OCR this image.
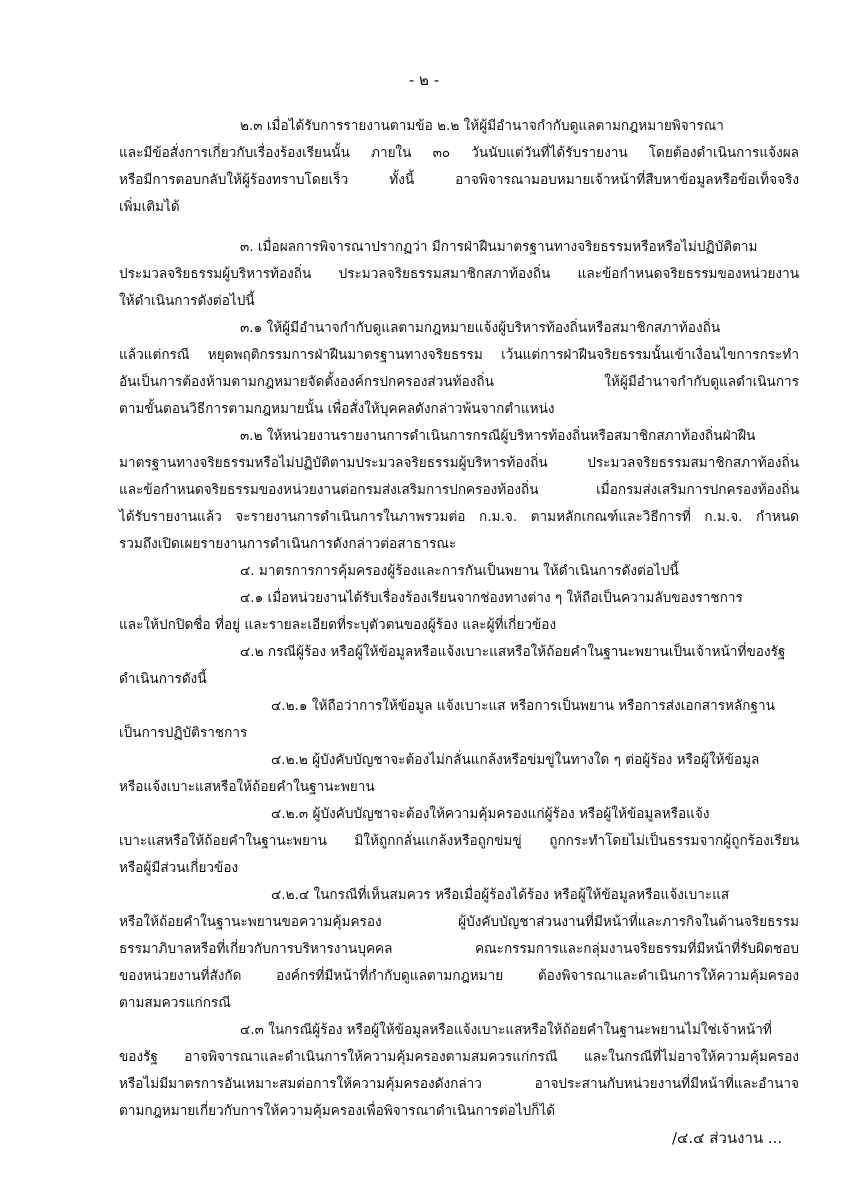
- ๒ -
๒.๓ เมื่อได้รับการรายงานตามข้อ ๒.๒ ให้ผู้มีอำนาจกำกับดูแลตามกฎหมายพิจารณา
และมีข้อสั่งการเกี่ยวกับเรื่องร้องเรียนนั้น ภายใน ๓๐ วันนับแต่วันที่ได้รับรายงาน โดยต้องดำเนินการแจ้งผล
หรือมีการตอบกลับให้ผู้ร้องทราบโดยเร็ว ทั้งนี้ อาจพิจารณามอบหมายเจ้าหน้าที่สืบหาข้อมูลหรือข้อเท็จจริง
เพิ่มเติมได้
๓. เมื่อผลการพิจารณาปรากฏว่า มีการฝ่าฝืนมาตรฐานทางจริยธรรมหรือหรือไม่ปฏิบัติตาม
ประมวลจริยธรรมผู้บริหารท้องถิ่น ประมวลจริยธรรมสมาชิกสภาท้องถิ่น และข้อกำหนดจริยธรรมของหน่วยงาน
ให้ดำเนินการดังต่อไปนี้
๓.๑ ให้ผู้มีอำนาจกำกับดูแลตามกฎหมายแจ้งผู้บริหารท้องถิ่นหรือสมาชิกสภาท้องถิ่น
แล้วแต่กรณี หยุดพฤติกรรมการฝ่าฝืนมาตรฐานทางจริยธรรม เว้นแต่การฝ่าฝืนจริยธรรมนั้นเข้าเงื่อนไขการกระทำ
อันเป็นการต้องห้ามตามกฎหมายจัดตั้งองค์กรปกครองส่วนท้องถิ่น ให้ผู้มีอำนาจกำกับดูแลดำเนินการ
ตามขั้นตอนวิธีการตามกฎหมายนั้น เพื่อสั่งให้บุคคลดังกล่าวพ้นจากตำแหน่ง
๓.๒ ให้หน่วยงานรายงานการดำเนินการกรณีผู้บริหารท้องถิ่นหรือสมาชิกสภาท้องถิ่นฝ่าฝืน
มาตรฐานทางจริยธรรมหรือไม่ปฏิบัติตามประมวลจริยธรรมผู้บริหารท้องถิ่น ประมวลจริยธรรมสมาชิกสภาท้องถิ่น
และข้อกำหนดจริยธรรมของหน่วยงานต่อกรมส่งเสริมการปกครองท้องถิ่น เมื่อกรมส่งเสริมการปกครองท้องถิ่น
ได้รับรายงานแล้ว จะรายงานการดำเนินการในภาพรวมต่อ ก.ม.จ. ตามหลักเกณฑ์และวิธีการที่ ก.ม.จ. กำหนด
รวมถึงเปิดเผยรายงานการดำเนินการดังกล่าวต่อสาธารณะ
๔. มาตรการการคุ้มครองผู้ร้องและการกันเป็นพยาน ให้ดำเนินการดังต่อไปนี้
๔.๑ เมื่อหน่วยงานได้รับเรื่องร้องเรียนจากช่องทางต่าง ๆ ให้ถือเป็นความลับของราชการ
และให้ปกปิดชื่อ ที่อยู่ และรายละเอียดที่ระบุตัวตนของผู้ร้อง และผู้ที่เกี่ยวข้อง
๔.๒ กรณีผู้ร้อง หรือผู้ให้ข้อมูลหรือแจ้งเบาะแสหรือให้ถ้อยคำในฐานะพยานเป็นเจ้าหน้าที่ของรัฐ
ดำเนินการดังนี้
๔.๒.๑ ให้ถือว่าการให้ข้อมูล แจ้งเบาะแส หรือการเป็นพยาน หรือการส่งเอกสารหลักฐาน
เป็นการปฏิบัติราชการ
๔.๒.๒ ผู้บังคับบัญชาจะต้องไม่กลั่นแกล้งหรือข่มขู่ในทางใด ๆ ต่อผู้ร้อง หรือผู้ให้ข้อมูล
หรือแจ้งเบาะแสหรือให้ถ้อยคำในฐานะพยาน
๔.๒.๓ ผู้บังคับบัญชาจะต้องให้ความคุ้มครองแก่ผู้ร้อง หรือผู้ให้ข้อมูลหรือแจ้ง
เบาะแสหรือให้ถ้อยคำในฐานะพยาน มิให้ถูกกลั่นแกล้งหรือถูกข่มขู่ ถูกกระทำโดยไม่เป็นธรรมจากผู้ถูกร้องเรียน
หรือผู้มีส่วนเกี่ยวข้อง
๔.๒.๔ ในกรณีที่เห็นสมควร หรือเมื่อผู้ร้องได้ร้อง หรือผู้ให้ข้อมูลหรือแจ้งเบาะแส
หรือให้ถ้อยคำในฐานะพยานขอความคุ้มครอง ผู้บังคับบัญชาส่วนงานที่มีหน้าที่และภารกิจในด้านจริยธรรม
ธรรมาภิบาลหรือที่เกี่ยวกับการบริหารงานบุคคล คณะกรรมการและกลุ่มงานจริยธรรมที่มีหน้าที่รับผิดชอบ
ของหน่วยงานที่สังกัด องค์กรที่มีหน้าที่กำกับดูแลตามกฎหมาย ต้องพิจารณาและดำเนินการให้ความคุ้มครอง
ตามสมควรแก่กรณี
๔.๓ ในกรณีผู้ร้อง หรือผู้ให้ข้อมูลหรือแจ้งเบาะแสหรือให้ถ้อยคำในฐานะพยานไม่ใช่เจ้าหน้าที่
ของรัฐ อาจพิจารณาและดำเนินการให้ความคุ้มครองตามสมควรแก่กรณี และในกรณีที่ไม่อาจให้ความคุ้มครอง
หรือไม่มีมาตรการอันเหมาะสมต่อการให้ความคุ้มครองดังกล่าว อาจประสานกับหน่วยงานที่มีหน้าที่และอำนาจ
ตามกฎหมายเกี่ยวกับการให้ความคุ้มครองเพื่อพิจารณาดำเนินการต่อไปก็ได้
/๔.๔ ส่วนงาน ...
